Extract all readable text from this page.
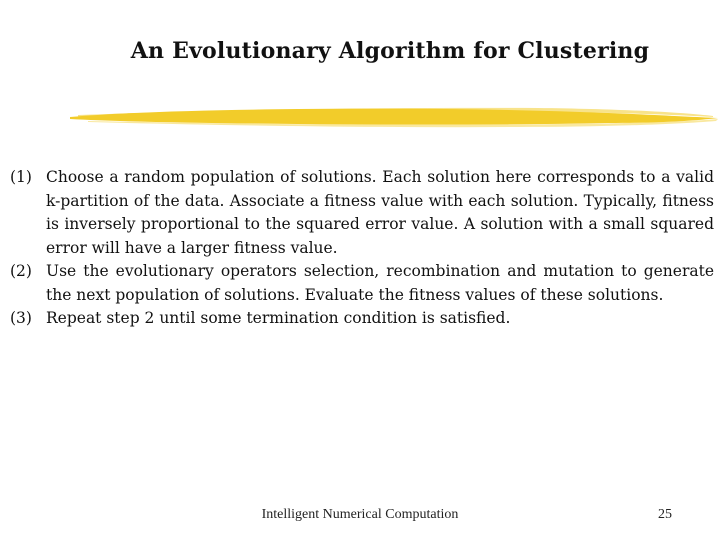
An Evolutionary Algorithm for Clustering
(1) Choose a random population of solutions. Each solution here corresponds to a valid k-partition of the data. Associate a fitness value with each solution. Typically, fitness is inversely proportional to the squared error value. A solution with a small squared error will have a larger fitness value.
(2) Use the evolutionary operators selection, recombination and mutation to generate the next population of solutions. Evaluate the fitness values of these solutions.
(3) Repeat step 2 until some termination condition is satisfied.
Intelligent Numerical Computation	25
